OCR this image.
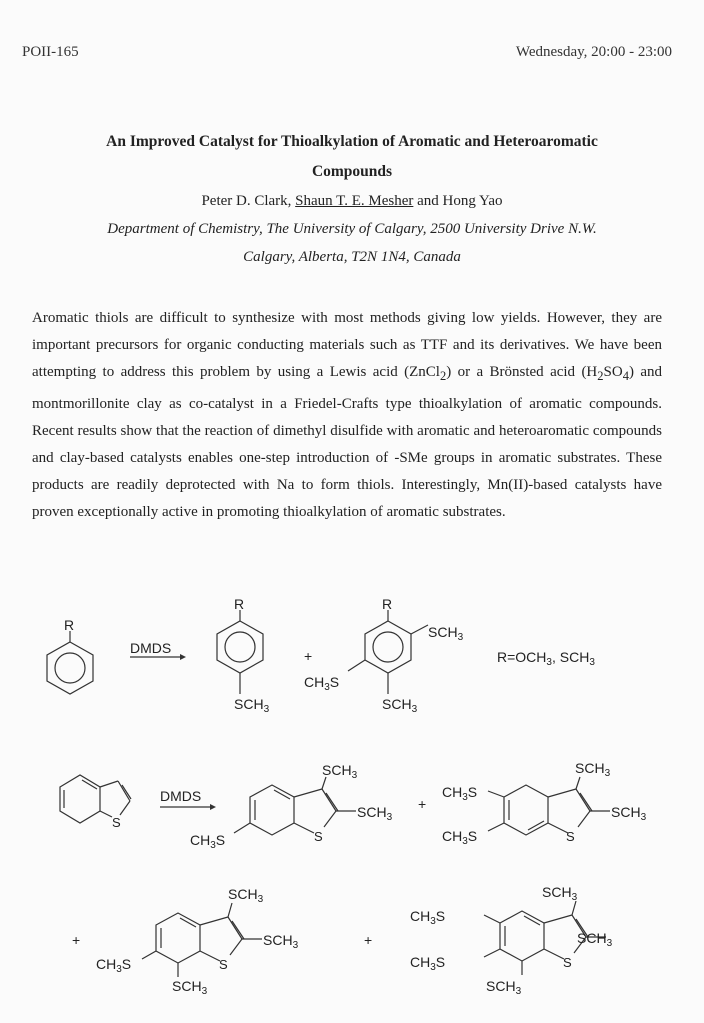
POII-165	Wednesday, 20:00 - 23:00
An Improved Catalyst for Thioalkylation of Aromatic and Heteroaromatic
Compounds
Peter D. Clark, Shaun T. E. Mesher and Hong Yao
Department of Chemistry, The University of Calgary, 2500 University Drive N.W.
Calgary, Alberta, T2N 1N4, Canada

Aromatic thiols are difficult to synthesize with most methods giving low yields. However, they are important precursors for organic conducting materials such as TTF and its derivatives. We have been attempting to address this problem by using a Lewis acid (ZnCl$_2$) or a Brönsted acid $(H_2SO_4)$ and montmorillonite clay as co-catalyst in a Friedel-Crafts type thioalkylation of aromatic compounds. Recent results show that the reaction of dimethyl disulfide with aromatic and heteroaromatic compounds and clay-based catalysts enables one-step introduction of -SMe groups in aromatic substrates. These products are readily deprotected with Na to form thiols. Interestingly, Mn(II)-based catalysts have proven exceptionally active in promoting thioalkylation of aromatic substrates.

R
DMDS
R
$SCH_3$
+
R
$SCH_3$
$CH_3S$
$SCH_3$
$R=OCH_3$, $SCH_3$
S
DMDS
S
$SCH_3$
$SCH_3$
$CH_3S$
+
S
$SCH_3$
$SCH_3$
$CH_3S$
$CH_3S$
+
S
$SCH_3$
$SCH_3$
$CH_3S$
$SCH_3$
+
S
$SCH_3$
$SCH_3$
$CH_3S$
$CH_3S$
$SCH_3$
